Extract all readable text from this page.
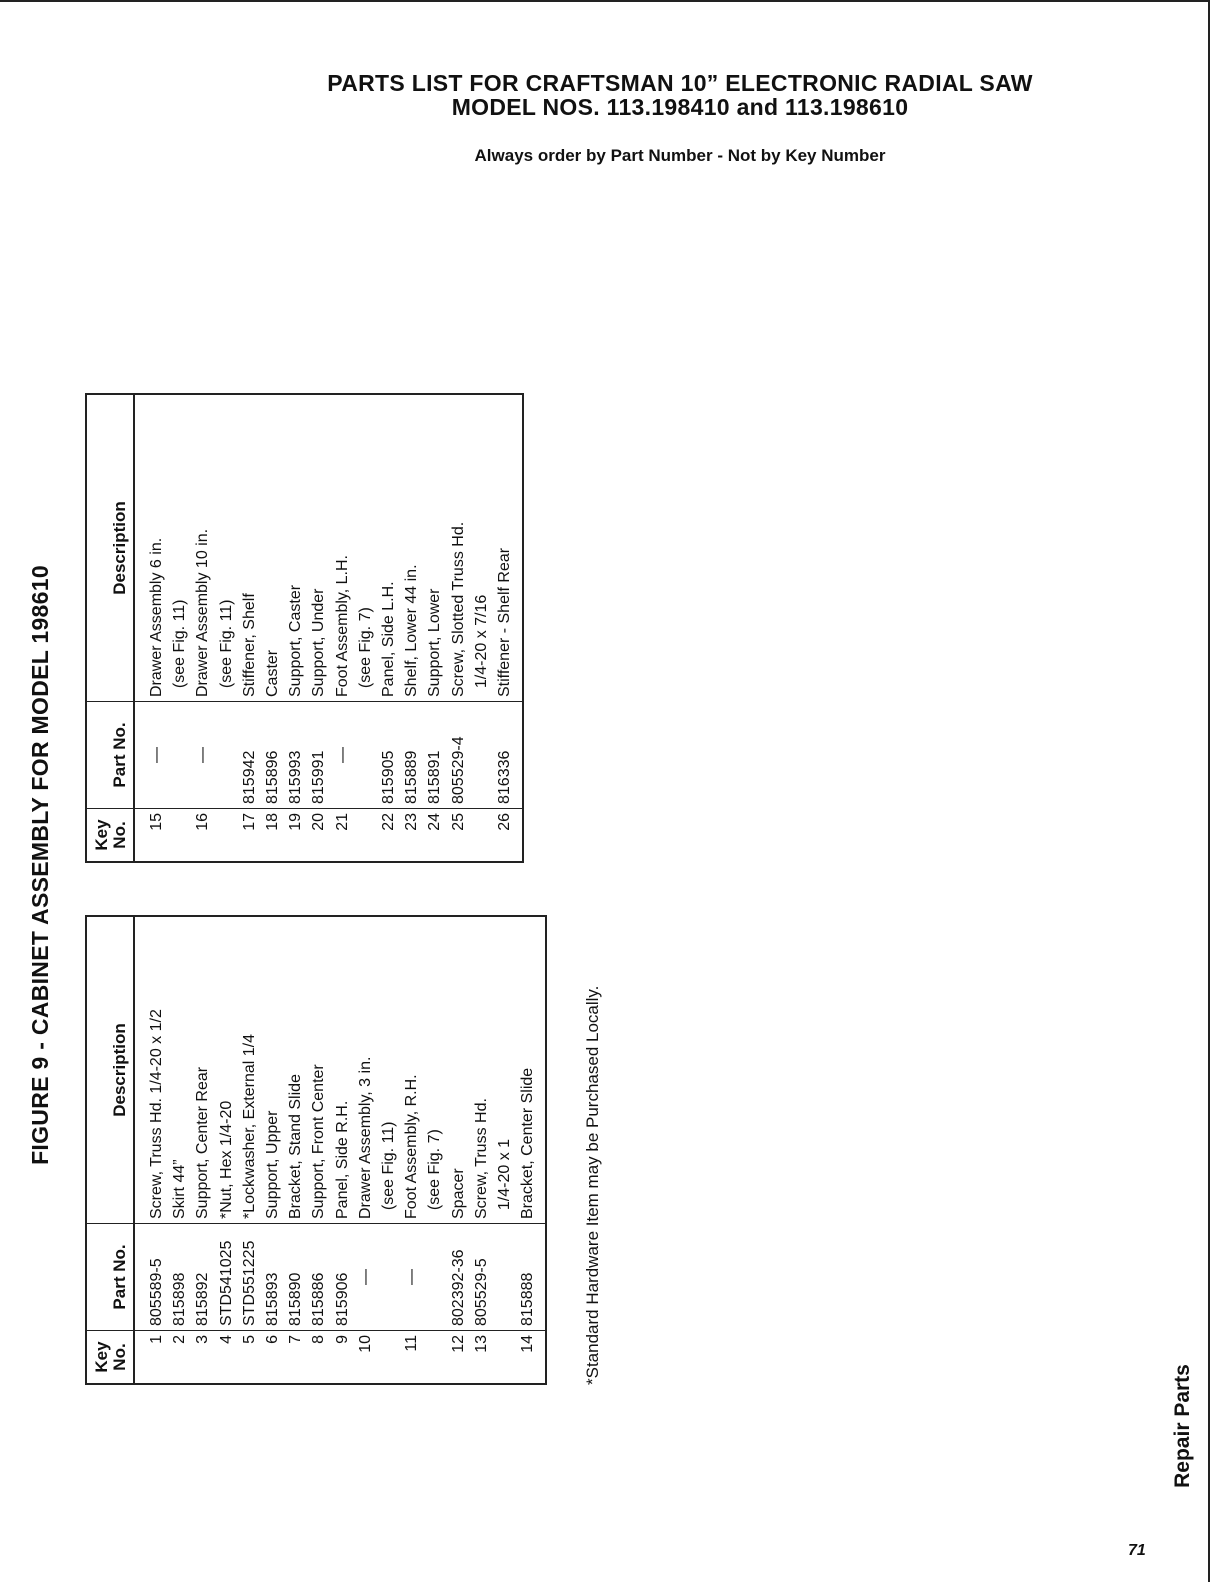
PARTS LIST FOR CRAFTSMAN 10” ELECTRONIC RADIAL SAW
MODEL NOS. 113.198410 and 113.198610
Always order by Part Number - Not by Key Number
FIGURE 9 - CABINET ASSEMBLY FOR MODEL 198610
Key No.	Part No.	Description
1	805589-5	Screw, Truss Hd. 1/4-20 x 1/2
2	815898	Skirt 44”
3	815892	Support, Center Rear
4	STD541025	*Nut, Hex 1/4-20
5	STD551225	*Lockwasher, External 1/4
6	815893	Support, Upper
7	815890	Bracket, Stand Slide
8	815886	Support, Front Center
9	815906	Panel, Side R.H.
10	—	Drawer Assembly, 3 in.
		(see Fig. 11)
11	—	Foot Assembly, R.H.
		(see Fig. 7)
12	802392-36	Spacer
13	805529-5	Screw, Truss Hd.
		1/4-20 x 1
14	815888	Bracket, Center Slide
Key No.	Part No.	Description
15	—	Drawer Assembly 6 in.
		(see Fig. 11)
16	—	Drawer Assembly 10 in.
		(see Fig. 11)
17	815942	Stiffener, Shelf
18	815896	Caster
19	815993	Support, Caster
20	815991	Support, Under
21	—	Foot Assembly, L.H.
		(see Fig. 7)
22	815905	Panel, Side L.H.
23	815889	Shelf, Lower 44 in.
24	815891	Support, Lower
25	805529-4	Screw, Slotted Truss Hd.
		1/4-20 x 7/16
26	816336	Stiffener - Shelf Rear
*Standard Hardware Item may be Purchased Locally.
Repair Parts
71
